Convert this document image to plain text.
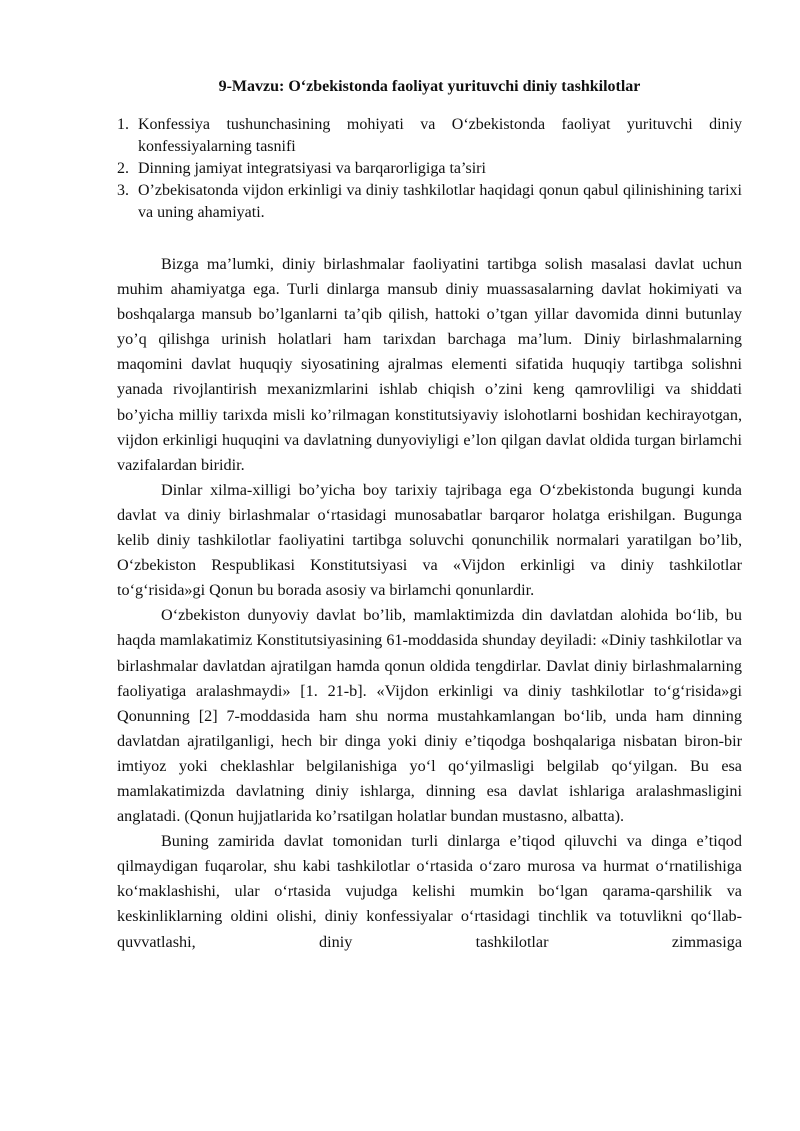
9-Mavzu: O‘zbekistonda faoliyat yurituvchi diniy tashkilotlar
1. Konfessiya tushunchasining mohiyati va O‘zbekistonda faoliyat yurituvchi diniy konfessiyalarning tasnifi
2. Dinning jamiyat integratsiyasi va barqarorligiga ta’siri
3. O’zbekisatonda vijdon erkinligi va diniy tashkilotlar haqidagi qonun qabul qilinishining tarixi va uning ahamiyati.

Bizga ma’lumki, diniy birlashmalar faoliyatini tartibga solish masalasi davlat uchun muhim ahamiyatga ega. Turli dinlarga mansub diniy muassasalarning davlat hokimiyati va boshqalarga mansub bo’lganlarni ta’qib qilish, hattoki o’tgan yillar davomida dinni butunlay yo’q qilishga urinish holatlari ham tarixdan barchaga ma’lum. Diniy birlashmalarning maqomini davlat huquqiy siyosatining ajralmas elementi sifatida huquqiy tartibga solishni yanada rivojlantirish mexanizmlarini ishlab chiqish o’zini keng qamrovliligi va shiddati bo’yicha milliy tarixda misli ko’rilmagan konstitutsiyaviy islohotlarni boshidan kechirayotgan, vijdon erkinligi huquqini va davlatning dunyoviyligi e’lon qilgan davlat oldida turgan birlamchi vazifalardan biridir.

Dinlar xilma-xilligi bo’yicha boy tarixiy tajribaga ega O‘zbekistonda bugungi kunda davlat va diniy birlashmalar o‘rtasidagi munosabatlar barqaror holatga erishilgan. Bugunga kelib diniy tashkilotlar faoliyatini tartibga soluvchi qonunchilik normalari yaratilgan bo’lib, O‘zbekiston Respublikasi Konstitutsiyasi va «Vijdon erkinligi va diniy tashkilotlar to‘g‘risida»gi Qonun bu borada asosiy va birlamchi qonunlardir.

O‘zbekiston dunyoviy davlat bo’lib, mamlaktimizda din davlatdan alohida bo‘lib, bu haqda mamlakatimiz Konstitutsiyasining 61-moddasida shunday deyiladi: «Diniy tashkilotlar va birlashmalar davlatdan ajratilgan hamda qonun oldida tengdirlar. Davlat diniy birlashmalarning faoliyatiga aralashmaydi» [1. 21-b]. «Vijdon erkinligi va diniy tashkilotlar to‘g‘risida»gi Qonunning [2] 7-moddasida ham shu norma mustahkamlangan bo‘lib, unda ham dinning davlatdan ajratilganligi, hech bir dinga yoki diniy e’tiqodga boshqalariga nisbatan biron-bir imtiyoz yoki cheklashlar belgilanishiga yo‘l qo‘yilmasligi belgilab qo‘yilgan. Bu esa mamlakatimizda davlatning diniy ishlarga, dinning esa davlat ishlariga aralashmasligini anglatadi. (Qonun hujjatlarida ko’rsatilgan holatlar bundan mustasno, albatta).

Buning zamirida davlat tomonidan turli dinlarga e’tiqod qiluvchi va dinga e’tiqod qilmaydigan fuqarolar, shu kabi tashkilotlar o‘rtasida o‘zaro murosa va hurmat o‘rnatilishiga ko‘maklashishi, ular o‘rtasida vujudga kelishi mumkin bo‘lgan qarama-qarshilik va keskinliklarning oldini olishi, diniy konfessiyalar o‘rtasidagi tinchlik va totuvlikni qo‘llab-quvvatlashi, diniy tashkilotlar zimmasiga
